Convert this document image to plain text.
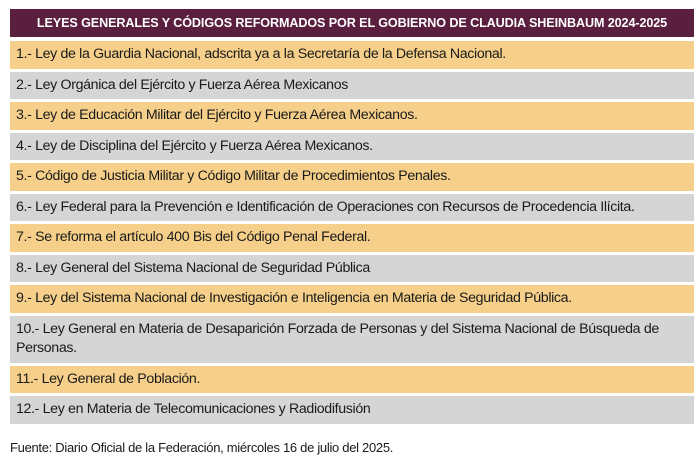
LEYES GENERALES Y CÓDIGOS REFORMADOS POR EL GOBIERNO DE CLAUDIA SHEINBAUM 2024-2025
1.- Ley de la Guardia Nacional, adscrita ya a la Secretaría de la Defensa Nacional.
2.- Ley Orgánica del Ejército y Fuerza Aérea Mexicanos
3.- Ley de Educación Militar del Ejército y Fuerza Aérea Mexicanos.
4.- Ley de Disciplina del Ejército y Fuerza Aérea Mexicanos.
5.- Código de Justicia Militar y Código Militar de Procedimientos Penales.
6.- Ley Federal para la Prevención e Identificación de Operaciones con Recursos de Procedencia Ilícita.
7.- Se reforma el artículo 400 Bis del Código Penal Federal.
8.- Ley General del Sistema Nacional de Seguridad Pública
9.- Ley del Sistema Nacional de Investigación e Inteligencia en Materia de Seguridad Pública.
10.- Ley General en Materia de Desaparición Forzada de Personas y del Sistema Nacional de Búsqueda de Personas.
11.- Ley General de Población.
12.- Ley en Materia de Telecomunicaciones y Radiodifusión
Fuente: Diario Oficial de la Federación, miércoles 16 de julio del 2025.
